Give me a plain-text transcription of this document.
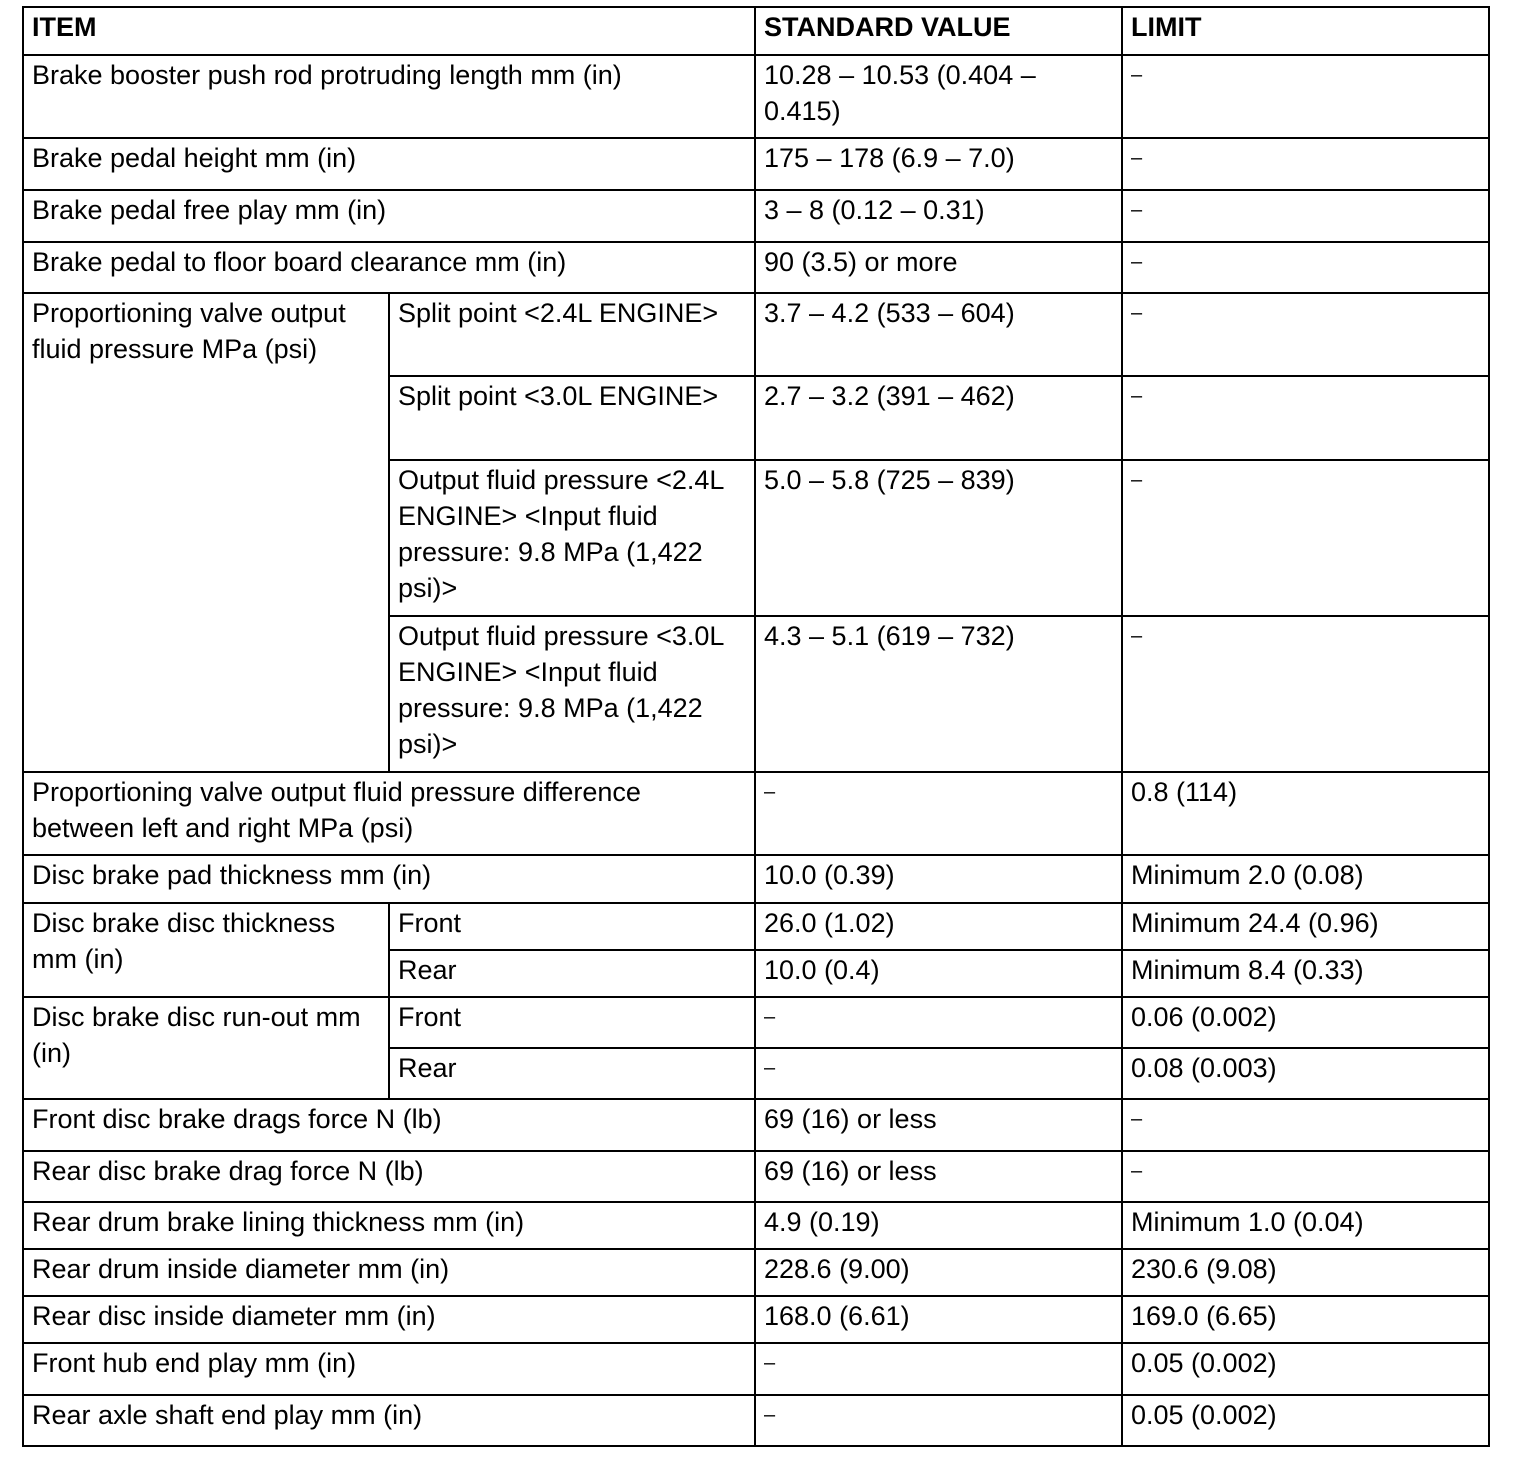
ITEM		STANDARD VALUE	LIMIT
Brake booster push rod protruding length mm (in)		10.28 – 10.53 (0.404 – 0.415)	–
Brake pedal height mm (in)		175 – 178 (6.9 – 7.0)	–
Brake pedal free play mm (in)		3 – 8 (0.12 – 0.31)	–
Brake pedal to floor board clearance mm (in)		90 (3.5) or more	–
Proportioning valve output fluid pressure MPa (psi)	Split point <2.4L ENGINE>	3.7 – 4.2 (533 – 604)	–
	Split point <3.0L ENGINE>	2.7 – 3.2 (391 – 462)	–
	Output fluid pressure <2.4L ENGINE> <Input fluid pressure: 9.8 MPa (1,422 psi)>	5.0 – 5.8 (725 – 839)	–
	Output fluid pressure <3.0L ENGINE> <Input fluid pressure: 9.8 MPa (1,422 psi)>	4.3 – 5.1 (619 – 732)	–
Proportioning valve output fluid pressure difference between left and right MPa (psi)		–	0.8 (114)
Disc brake pad thickness mm (in)		10.0 (0.39)	Minimum 2.0 (0.08)
Disc brake disc thickness mm (in)	Front	26.0 (1.02)	Minimum 24.4 (0.96)
	Rear	10.0 (0.4)	Minimum 8.4 (0.33)
Disc brake disc run-out mm (in)	Front	–	0.06 (0.002)
	Rear	–	0.08 (0.003)
Front disc brake drags force N (lb)		69 (16) or less	–
Rear disc brake drag force N (lb)		69 (16) or less	–
Rear drum brake lining thickness mm (in)		4.9 (0.19)	Minimum 1.0 (0.04)
Rear drum inside diameter mm (in)		228.6 (9.00)	230.6 (9.08)
Rear disc inside diameter mm (in)		168.0 (6.61)	169.0 (6.65)
Front hub end play mm (in)		–	0.05 (0.002)
Rear axle shaft end play mm (in)		–	0.05 (0.002)
